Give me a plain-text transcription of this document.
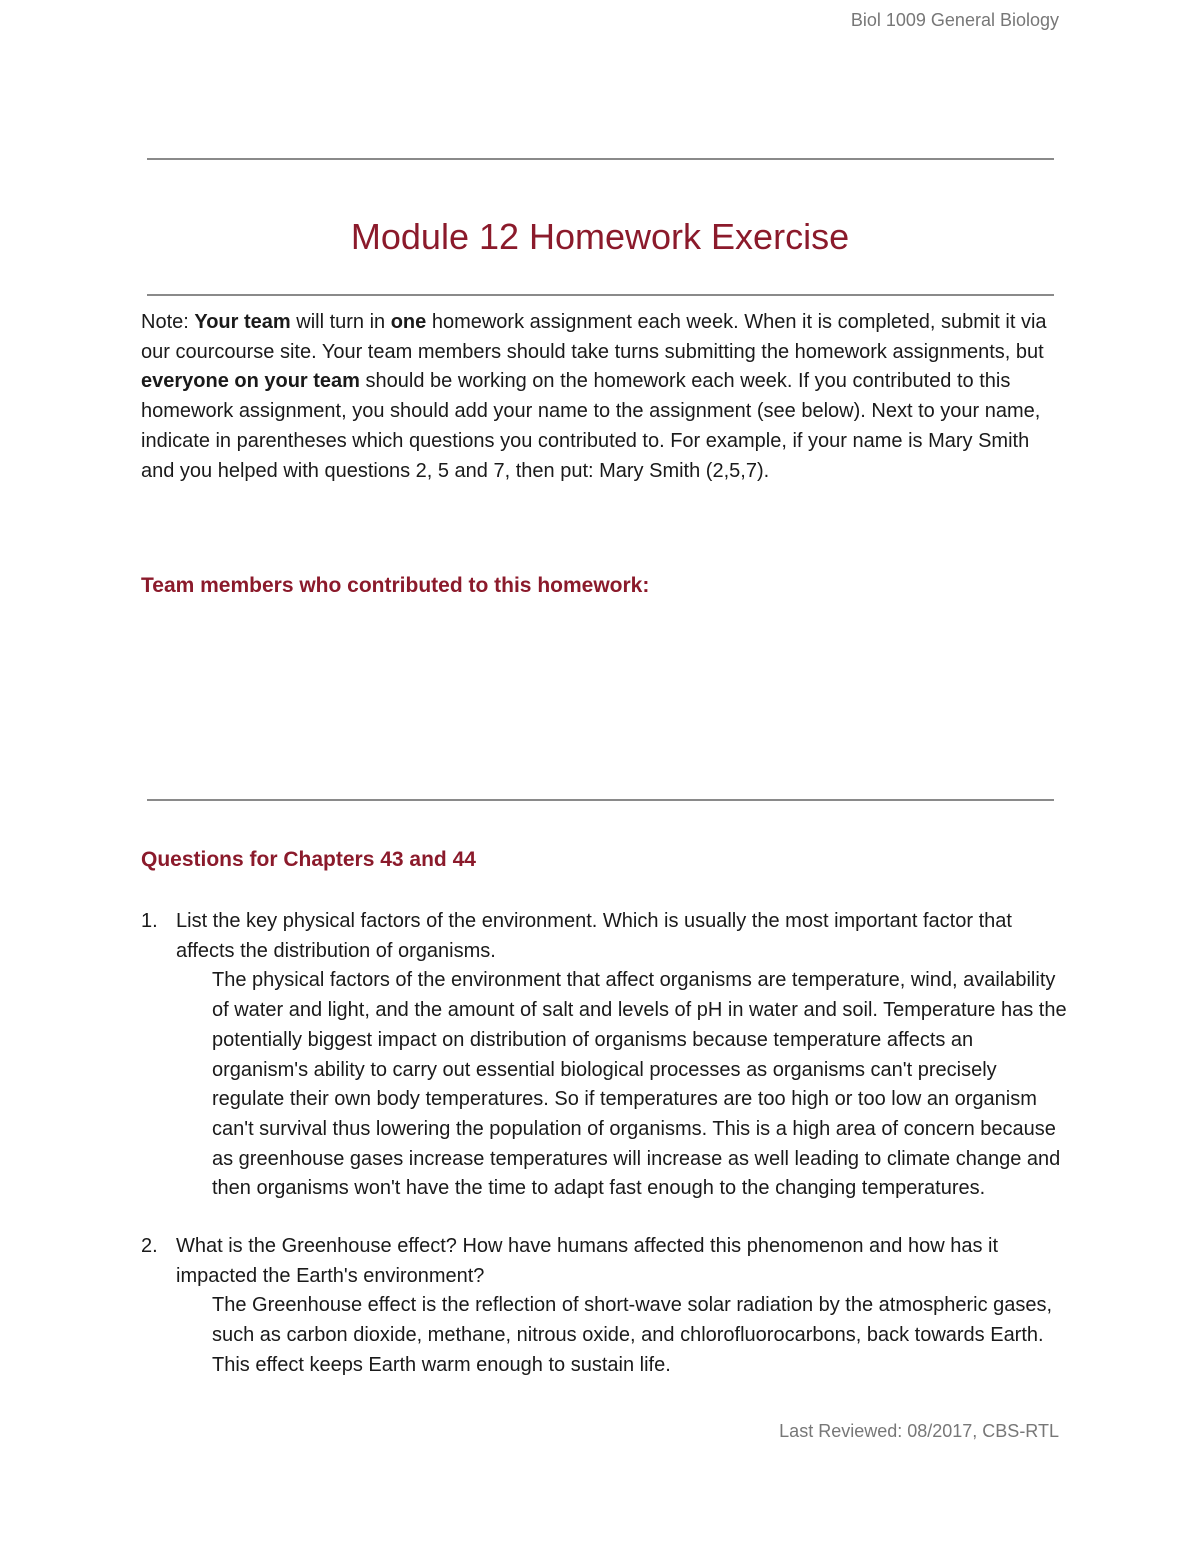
Biol 1009 General Biology
Module 12 Homework Exercise

Note: Your team will turn in one homework assignment each week. When it is completed, submit it via our courcourse site. Your team members should take turns submitting the homework assignments, but everyone on your team should be working on the homework each week. If you contributed to this homework assignment, you should add your name to the assignment (see below). Next to your name, indicate in parentheses which questions you contributed to. For example, if your name is Mary Smith and you helped with questions 2, 5 and 7, then put: Mary Smith (2,5,7).

Team members who contributed to this homework:
Questions for Chapters 43 and 44
1. List the key physical factors of the environment. Which is usually the most important factor that affects the distribution of organisms.
The physical factors of the environment that affect organisms are temperature, wind, availability of water and light, and the amount of salt and levels of pH in water and soil. Temperature has the potentially biggest impact on distribution of organisms because temperature affects an organism's ability to carry out essential biological processes as organisms can't precisely regulate their own body temperatures. So if temperatures are too high or too low an organism can't survival thus lowering the population of organisms. This is a high area of concern because as greenhouse gases increase temperatures will increase as well leading to climate change and then organisms won't have the time to adapt fast enough to the changing temperatures.
2. What is the Greenhouse effect? How have humans affected this phenomenon and how has it impacted the Earth's environment?
The Greenhouse effect is the reflection of short-wave solar radiation by the atmospheric gases, such as carbon dioxide, methane, nitrous oxide, and chlorofluorocarbons, back towards Earth. This effect keeps Earth warm enough to sustain life.
Last Reviewed: 08/2017, CBS-RTL
